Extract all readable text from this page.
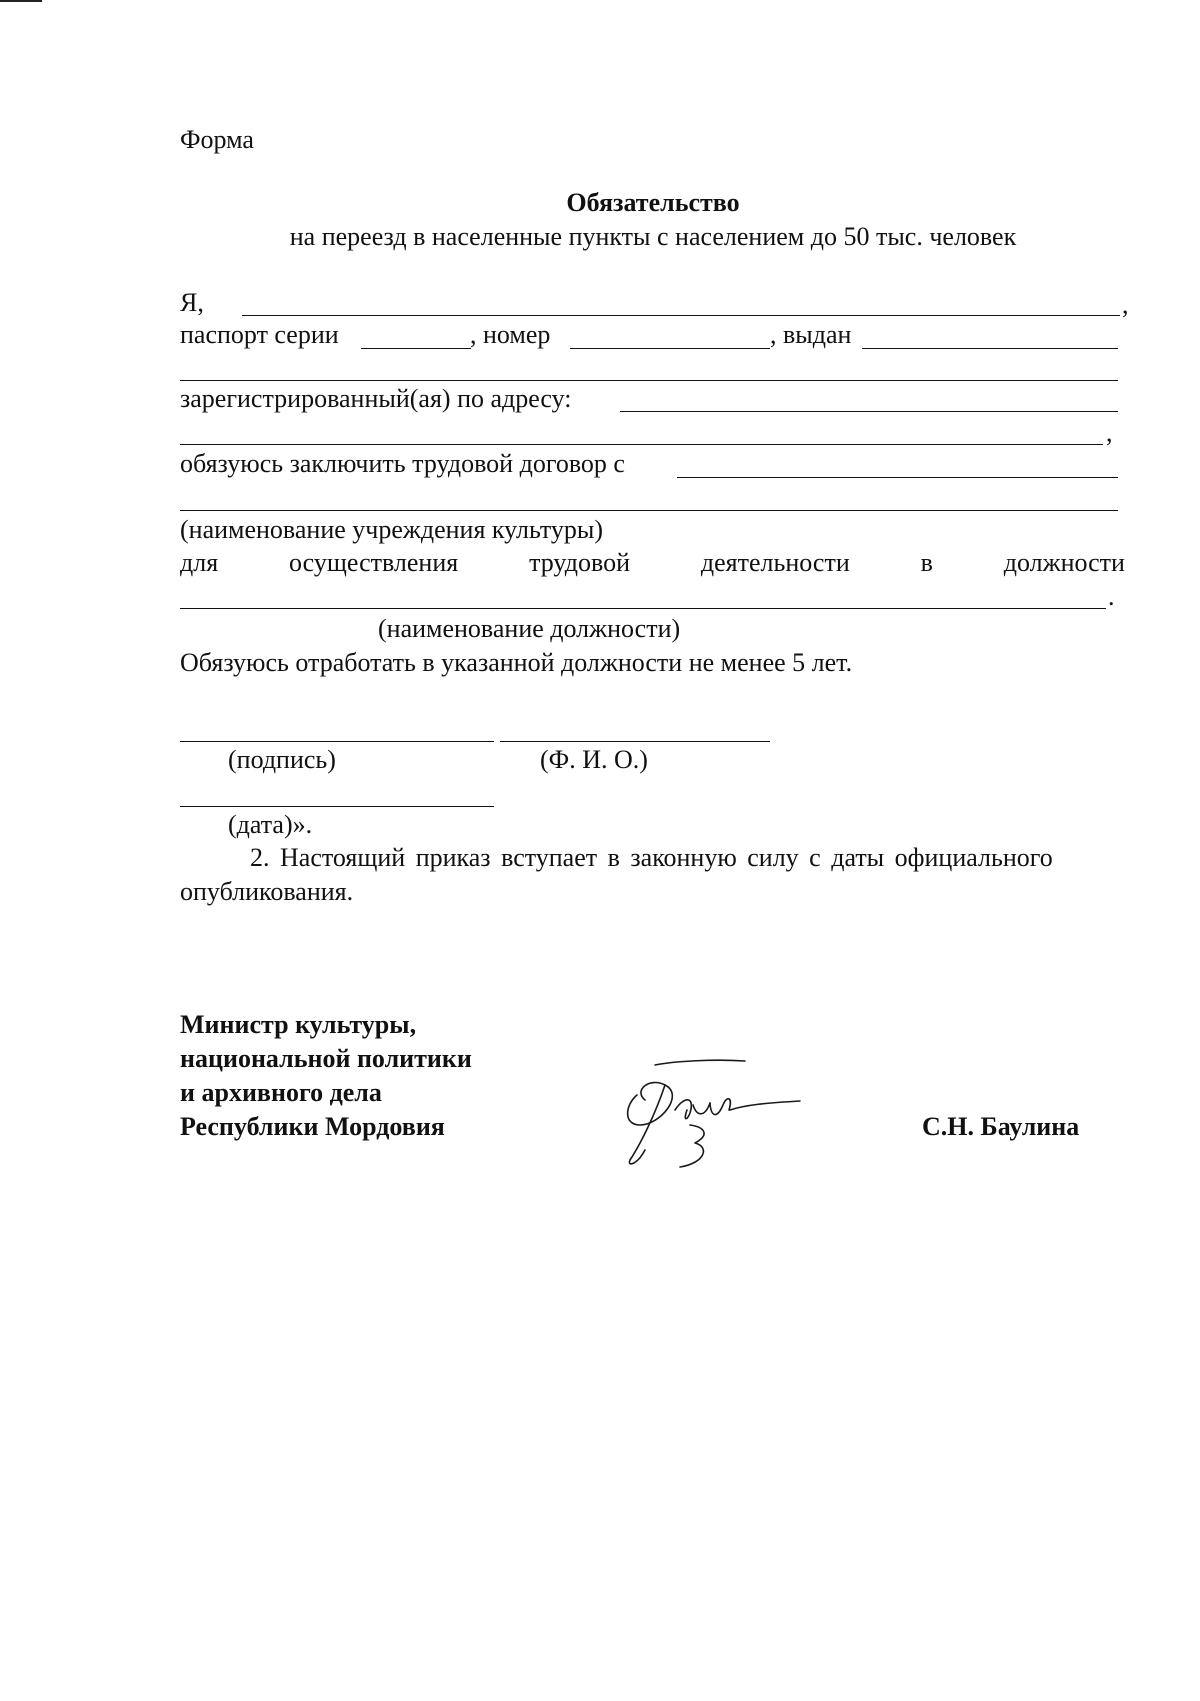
Форма
Обязательство
на переезд в населенные пункты с населением до 50 тыс. человек
Я,	,
паспорт серии	, номер	, выдан
зарегистрированный(ая) по адресу:
,
обязуюсь заключить трудовой договор с
(наименование учреждения культуры)
для	осуществления	трудовой	деятельности	в	должности
.
(наименование должности)
Обязуюсь отработать в указанной должности не менее 5 лет.
(подпись)	(Ф. И. О.)
(дата)».
2. Настоящий приказ вступает в законную силу с даты официального
опубликования.
Министр культуры,
национальной политики
и архивного дела
Республики Мордовия	С.Н. Баулина
